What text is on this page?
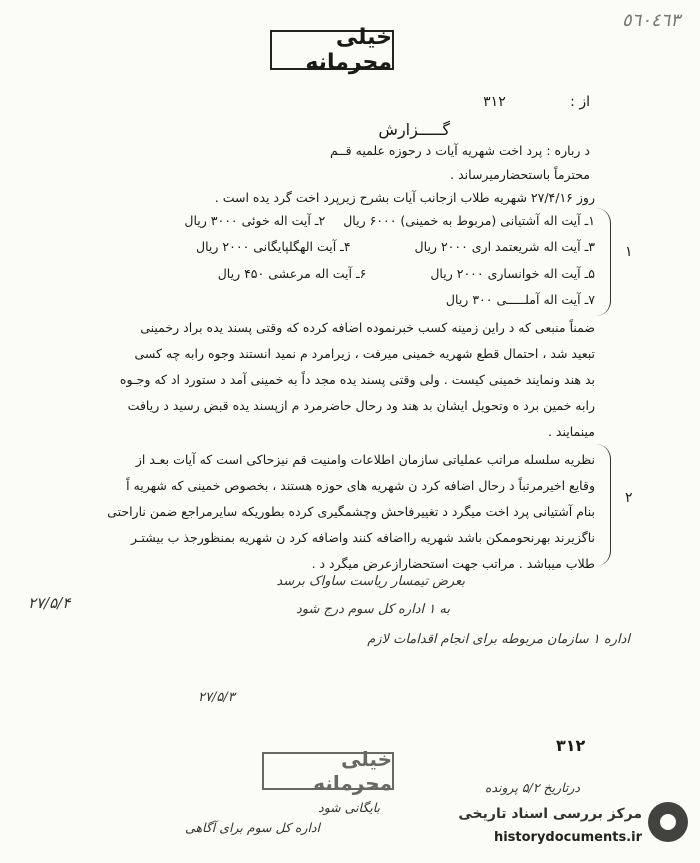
٥٦٠٤٦٣
خیلی محرمانه
از : ۳۱۲
گـــــزارش
د رباره : پرد اخت شهریه آیات د رحوزه علمیه قــم
محترماً باستحضارمیرساند .
روز ۲۷/۴/۱۶ شهریه طلاب ازجانب آیات بشرح زیرپرد اخت گرد یده است .
۱
۱ـ آیت اله آشتیانی (مربوط به خمینی) ۶۰۰۰ ریال ۲ـ آیت اله خوئی ۳۰۰۰ ریال
۳ـ آیت اله شریعتمد اری ۲۰۰۰ ریال ۴ـ آیت الهگلپایگانی ۲۰۰۰ ریال
۵ـ آیت اله خوانساری ۲۰۰۰ ریال ۶ـ آیت اله مرعشی ۴۵۰ ریال
۷ـ آیت اله آملـــــی ۳۰۰ ریال
ضمناً منبعی که د راین زمینه کسب خبرنموده اضافه کرده که وقتی پسند یده براد رخمینی
تبعید شد ، احتمال قطع شهریه خمینی میرفت ، زیرامرد م نمید انستند وجوه رابه چه کسی
بد هند ونمایند خمینی کیست . ولی وقتی پسند یده مجد داً به خمینی آمد د ستورد اد که وجـوه
رابه خمین برد ه وتحویل ایشان بد هند ود رحال حاضرمرد م ازپسند یده قبض رسید د ریافت
مینمایند .
۲
نظریه سلسله مراتب عملیاتی سازمان اطلاعات وامنیت قم نیزحاکی است که آیات بعـد از
وقایع اخیرمرتباً د رحال اضافه کرد ن شهریه های حوزه هستند ، بخصوص خمینی که شهریه اً
بنام آشتیانی پرد اخت میگرد د تغییرفاحش وچشمگیری کرده بطوریکه سایرمراجع ضمن ناراحتی
ناگزیرند بهرنحوممکن باشد شهریه رااضافه کنند واضافه کرد ن شهریه بمنظورجذ ب بیشتـر
طلاب میباشد . مراتب جهت استحضارازعرض میگرد د .
بعرض تیمسار ریاست ساواک برسد
۲۷/۵/۴	به ۱ اداره کل سوم درج شود
اداره ۱ سازمان مربوطه برای انجام اقدامات لازم
۲۷/۵/۳
۳۱۲
خیلی محرمانه	درتاریخ ۵/۲ پرونده
بایگانی شود
اداره کل سوم برای آگاهی
مرکز بررسی اسناد تاریخی
historydocuments.ir
